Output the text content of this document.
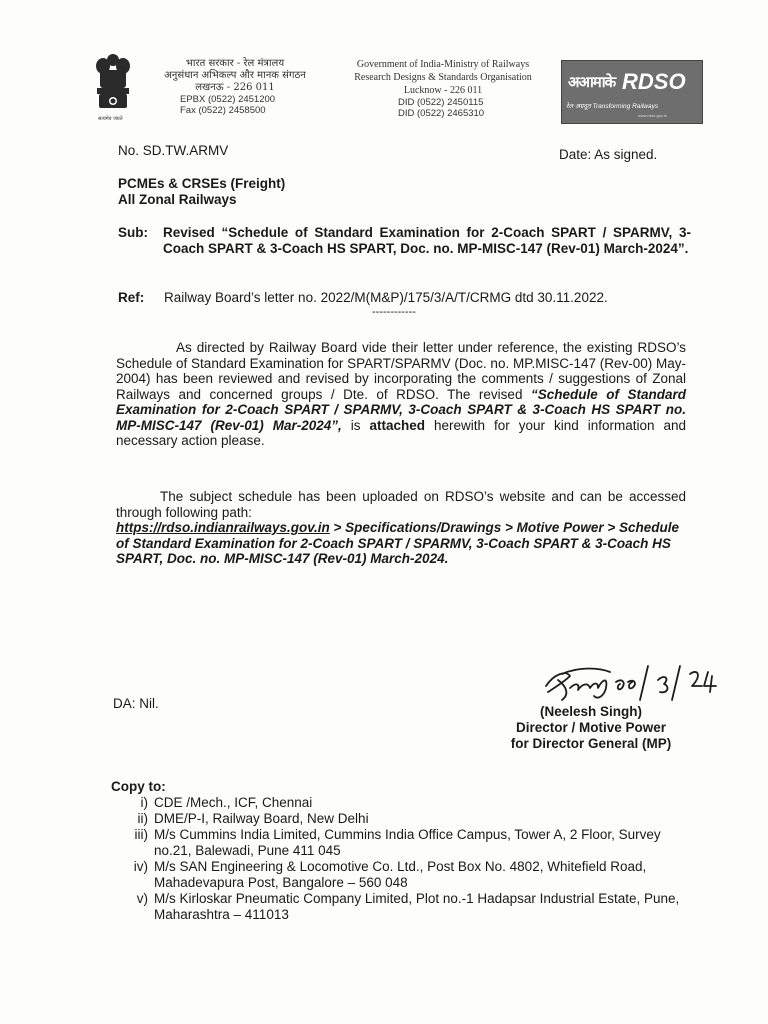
सत्यमेव जयते
भारत सरकार - रेल मंत्रालय
अनुसंधान अभिकल्प और मानक संगठन
लखनऊ - 226 011
EPBX (0522) 2451200
Fax (0522) 2458500
Government of India-Ministry of Railways
Research Designs & Standards Organisation
Lucknow - 226 011
DID (0522) 2450115
DID (0522) 2465310
अआमाके RDSO
रेल अग्रदूत Transforming Railways
www.rdso.gov.in
No. SD.TW.ARMV	Date: As signed.
PCMEs & CRSEs (Freight)
All Zonal Railways
Sub: Revised “Schedule of Standard Examination for 2-Coach SPART / SPARMV, 3-Coach SPART & 3-Coach HS SPART, Doc. no. MP-MISC-147 (Rev-01) March-2024”.
Ref: Railway Board’s letter no. 2022/M(M&P)/175/3/A/T/CRMG dtd 30.11.2022.
------------
As directed by Railway Board vide their letter under reference, the existing RDSO’s Schedule of Standard Examination for SPART/SPARMV (Doc. no. MP.MISC-147 (Rev-00) May-2004) has been reviewed and revised by incorporating the comments / suggestions of Zonal Railways and concerned groups / Dte. of RDSO. The revised “Schedule of Standard Examination for 2-Coach SPART / SPARMV, 3-Coach SPART & 3-Coach HS SPART no. MP-MISC-147 (Rev-01) Mar-2024”, is attached herewith for your kind information and necessary action please.
The subject schedule has been uploaded on RDSO’s website and can be accessed through following path:
https://rdso.indianrailways.gov.in > Specifications/Drawings > Motive Power > Schedule of Standard Examination for 2-Coach SPART / SPARMV, 3-Coach SPART & 3-Coach HS SPART, Doc. no. MP-MISC-147 (Rev-01) March-2024.
DA: Nil.
(Neelesh Singh)
Director / Motive Power
for Director General (MP)
Copy to:
i) CDE /Mech., ICF, Chennai
ii) DME/P-I, Railway Board, New Delhi
iii) M/s Cummins India Limited, Cummins India Office Campus, Tower A, 2 Floor, Survey no.21, Balewadi, Pune 411 045
iv) M/s SAN Engineering & Locomotive Co. Ltd., Post Box No. 4802, Whitefield Road, Mahadevapura Post, Bangalore – 560 048
v) M/s Kirloskar Pneumatic Company Limited, Plot no.-1 Hadapsar Industrial Estate, Pune, Maharashtra – 411013
